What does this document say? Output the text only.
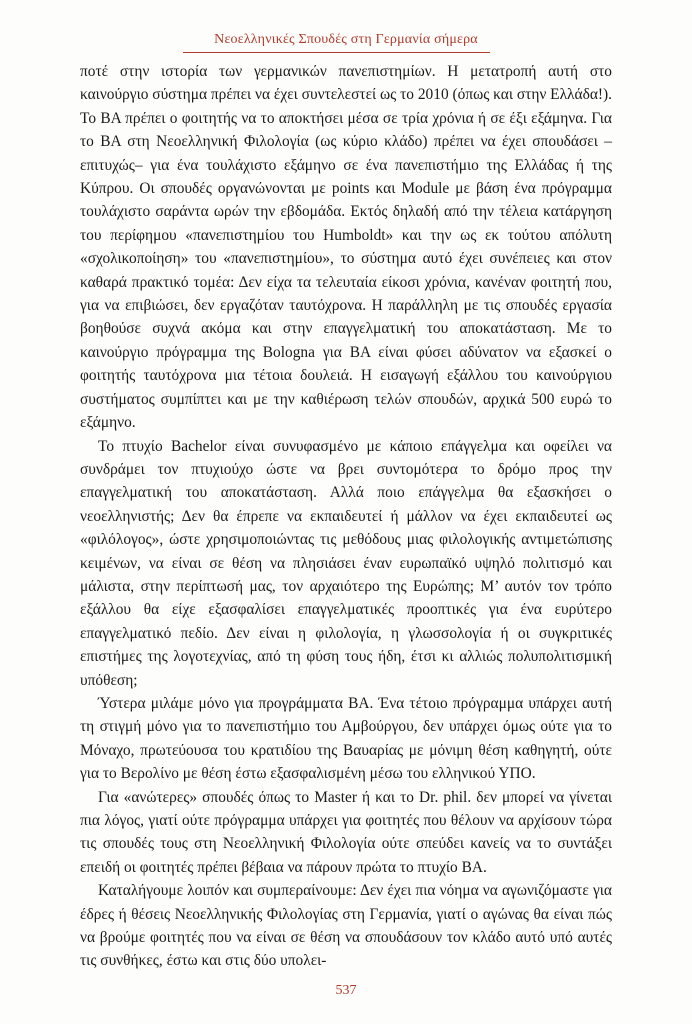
Νεοελληνικές Σπουδές στη Γερμανία σήμερα

ποτέ στην ιστορία των γερμανικών πανεπιστημίων. Η μετατροπή αυτή στο καινούργιο σύστημα πρέπει να έχει συντελεστεί ως το 2010 (όπως και στην Ελλάδα!). Το ΒΑ πρέπει ο φοιτητής να το αποκτήσει μέσα σε τρία χρόνια ή σε έξι εξάμηνα. Για το ΒΑ στη Νεοελληνική Φιλολογία (ως κύριο κλάδο) πρέπει να έχει σπουδάσει –επιτυχώς– για ένα τουλάχιστο εξάμηνο σε ένα πανεπιστήμιο της Ελλάδας ή της Κύπρου. Οι σπουδές οργανώνονται με points και Module με βάση ένα πρόγραμμα τουλάχιστο σαράντα ωρών την εβδομάδα. Εκτός δηλαδή από την τέλεια κατάργηση του περίφημου «πανεπιστημίου του Humboldt» και την ως εκ τούτου απόλυτη «σχολικοποίηση» του «πανεπιστημίου», το σύστημα αυτό έχει συνέπειες και στον καθαρά πρακτικό τομέα: Δεν είχα τα τελευταία είκοσι χρόνια, κανέναν φοιτητή που, για να επιβιώσει, δεν εργαζόταν ταυτόχρονα. Η παράλληλη με τις σπουδές εργασία βοηθούσε συχνά ακόμα και στην επαγγελματική του αποκατάσταση. Με το καινούργιο πρόγραμμα της Bologna για ΒΑ είναι φύσει αδύνατον να εξασκεί ο φοιτητής ταυτόχρονα μια τέτοια δουλειά. Η εισαγωγή εξάλλου του καινούργιου συστήματος συμπίπτει και με την καθιέρωση τελών σπουδών, αρχικά 500 ευρώ το εξάμηνο.

Το πτυχίο Bachelor είναι συνυφασμένο με κάποιο επάγγελμα και οφείλει να συνδράμει τον πτυχιούχο ώστε να βρει συντομότερα το δρόμο προς την επαγγελματική του αποκατάσταση. Αλλά ποιο επάγγελμα θα εξασκήσει ο νεοελληνιστής; Δεν θα έπρεπε να εκπαιδευτεί ή μάλλον να έχει εκπαιδευτεί ως «φιλόλογος», ώστε χρησιμοποιώντας τις μεθόδους μιας φιλολογικής αντιμετώπισης κειμένων, να είναι σε θέση να πλησιάσει έναν ευρωπαϊκό υψηλό πολιτισμό και μάλιστα, στην περίπτωσή μας, τον αρχαιότερο της Ευρώπης; Μ’ αυτόν τον τρόπο εξάλλου θα είχε εξασφαλίσει επαγγελματικές προοπτικές για ένα ευρύτερο επαγγελματικό πεδίο. Δεν είναι η φιλολογία, η γλωσσολογία ή οι συγκριτικές επιστήμες της λογοτεχνίας, από τη φύση τους ήδη, έτσι κι αλλιώς πολυπολιτισμική υπόθεση;

Ύστερα μιλάμε μόνο για προγράμματα ΒΑ. Ένα τέτοιο πρόγραμμα υπάρχει αυτή τη στιγμή μόνο για το πανεπιστήμιο του Αμβούργου, δεν υπάρχει όμως ούτε για το Μόναχο, πρωτεύουσα του κρατιδίου της Βαυαρίας με μόνιμη θέση καθηγητή, ούτε για το Βερολίνο με θέση έστω εξασφαλισμένη μέσω του ελληνικού ΥΠΟ.

Για «ανώτερες» σπουδές όπως το Master ή και το Dr. phil. δεν μπορεί να γίνεται πια λόγος, γιατί ούτε πρόγραμμα υπάρχει για φοιτητές που θέλουν να αρχίσουν τώρα τις σπουδές τους στη Νεοελληνική Φιλολογία ούτε σπεύδει κανείς να το συντάξει επειδή οι φοιτητές πρέπει βέβαια να πάρουν πρώτα το πτυχίο ΒΑ.

Καταλήγουμε λοιπόν και συμπεραίνουμε: Δεν έχει πια νόημα να αγωνιζόμαστε για έδρες ή θέσεις Νεοελληνικής Φιλολογίας στη Γερμανία, γιατί ο αγώνας θα είναι πώς να βρούμε φοιτητές που να είναι σε θέση να σπουδάσουν τον κλάδο αυτό υπό αυτές τις συνθήκες, έστω και στις δύο υπολει-

537
